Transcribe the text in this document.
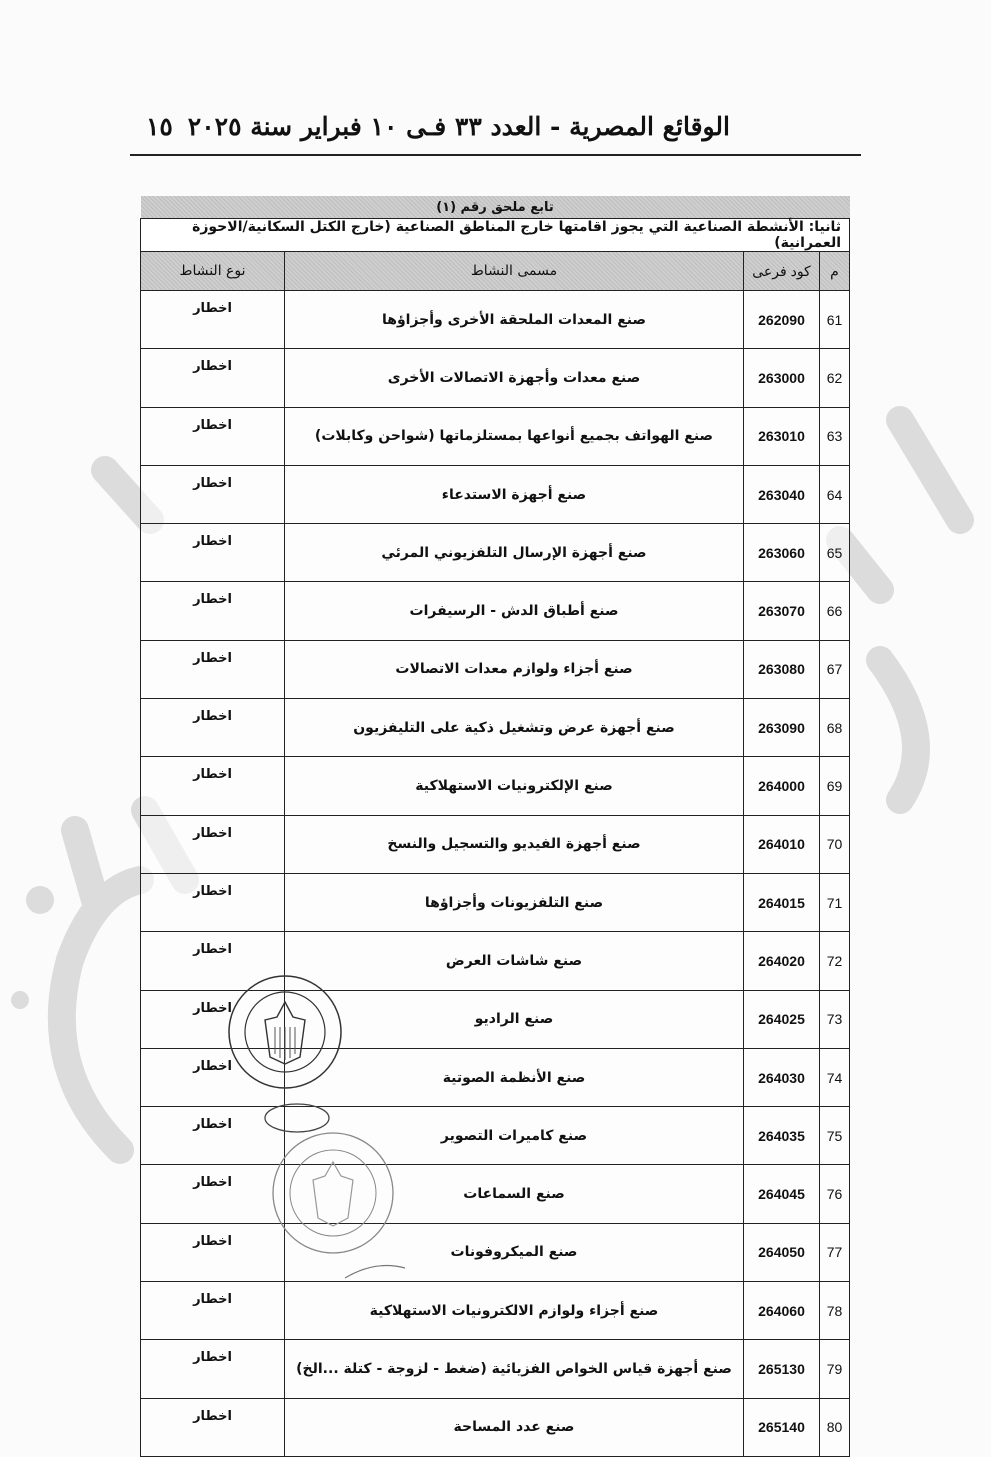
الوقائع المصرية - العدد ٣٣ فـى ١٠ فبراير سنة ٢٠٢٥
١٥
تابع ملحق رقم (١)			
ثانيا: الأنشطة الصناعية التي يجوز اقامتها خارج المناطق الصناعية (خارج الكتل السكانية/الاحوزة العمرانية)			
م	كود فرعى	مسمى النشاط	نوع النشاط
61	262090	صنع المعدات الملحقة الأخرى وأجزاؤها	اخطار
62	263000	صنع معدات وأجهزة الاتصالات الأخرى	اخطار
63	263010	صنع الهواتف بجميع أنواعها بمستلزماتها (شواحن وكابلات)	اخطار
64	263040	صنع أجهزة الاستدعاء	اخطار
65	263060	صنع أجهزة الإرسال التلفزيوني المرئي	اخطار
66	263070	صنع أطباق الدش - الرسيفرات	اخطار
67	263080	صنع أجزاء ولوازم معدات الاتصالات	اخطار
68	263090	صنع أجهزة عرض وتشغيل ذكية على التليفزيون	اخطار
69	264000	صنع الإلكترونيات الاستهلاكية	اخطار
70	264010	صنع أجهزة الفيديو والتسجيل والنسخ	اخطار
71	264015	صنع التلفزيونات وأجزاؤها	اخطار
72	264020	صنع شاشات العرض	اخطار
73	264025	صنع الراديو	اخطار
74	264030	صنع الأنظمة الصوتية	اخطار
75	264035	صنع كاميرات التصوير	اخطار
76	264045	صنع السماعات	اخطار
77	264050	صنع الميكروفونات	اخطار
78	264060	صنع أجزاء ولوازم الالكترونيات الاستهلاكية	اخطار
79	265130	صنع أجهزة قياس الخواص الفزيائية (ضغط - لزوجة - كتلة ...الخ)	اخطار
80	265140	صنع عدد المساحة	اخطار
